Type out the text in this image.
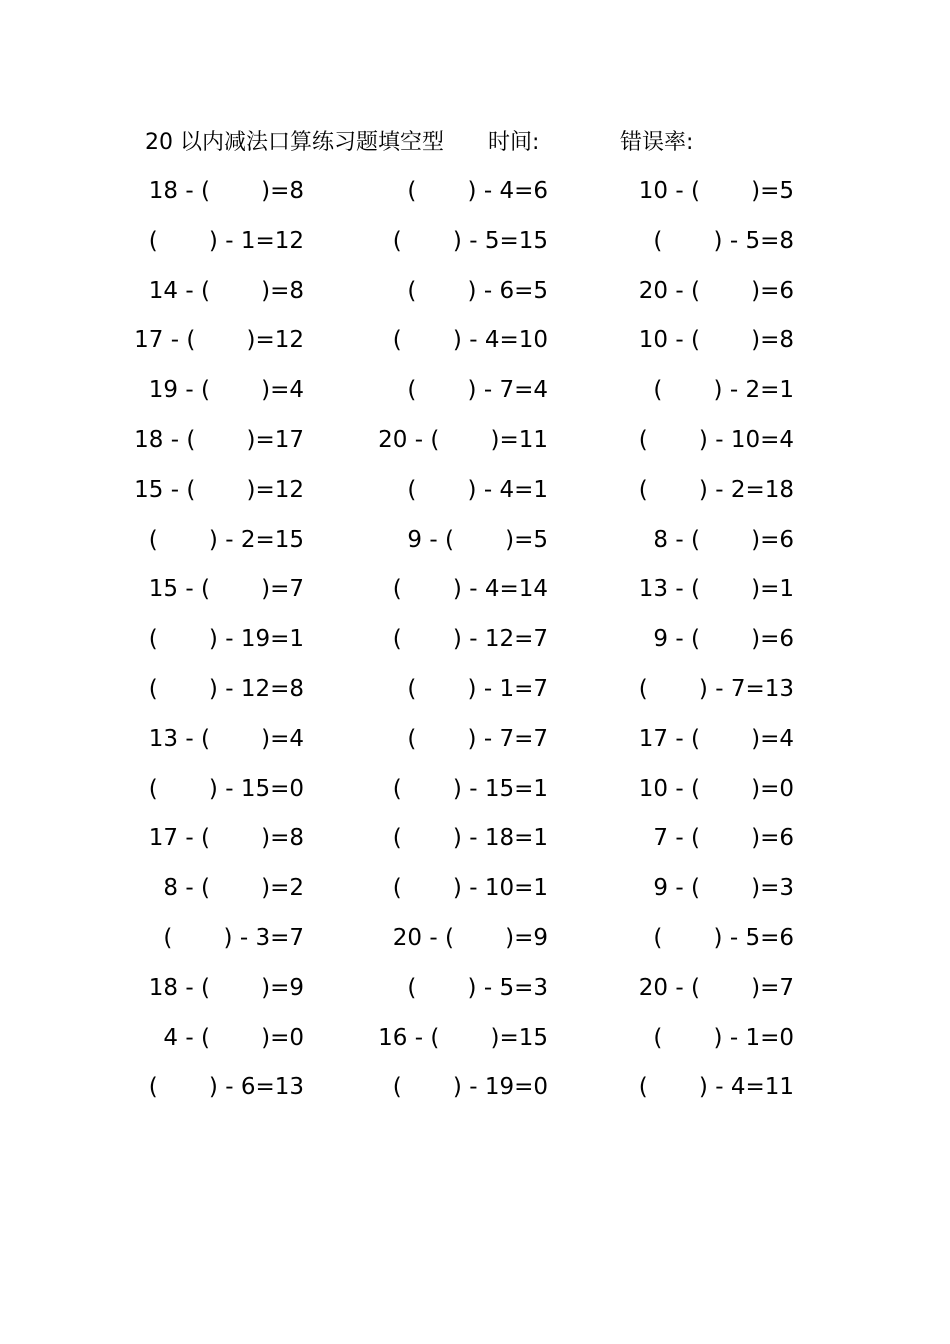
20 以内减法口算练习题填空型 时间:	错误率:
18 - (       )=8	(       ) - 4=6	10 - (       )=5
(       ) - 1=12	(       ) - 5=15	(       ) - 5=8
14 - (       )=8	(       ) - 6=5	20 - (       )=6
17 - (       )=12	(       ) - 4=10	10 - (       )=8
19 - (       )=4	(       ) - 7=4	(       ) - 2=1
18 - (       )=17	20 - (       )=11	(       ) - 10=4
15 - (       )=12	(       ) - 4=1	(       ) - 2=18
(       ) - 2=15	9 - (       )=5	8 - (       )=6
15 - (       )=7	(       ) - 4=14	13 - (       )=1
(       ) - 19=1	(       ) - 12=7	9 - (       )=6
(       ) - 12=8	(       ) - 1=7	(       ) - 7=13
13 - (       )=4	(       ) - 7=7	17 - (       )=4
(       ) - 15=0	(       ) - 15=1	10 - (       )=0
17 - (       )=8	(       ) - 18=1	7 - (       )=6
8 - (       )=2	(       ) - 10=1	9 - (       )=3
(       ) - 3=7	20 - (       )=9	(       ) - 5=6
18 - (       )=9	(       ) - 5=3	20 - (       )=7
4 - (       )=0	16 - (       )=15	(       ) - 1=0
(       ) - 6=13	(       ) - 19=0	(       ) - 4=11
